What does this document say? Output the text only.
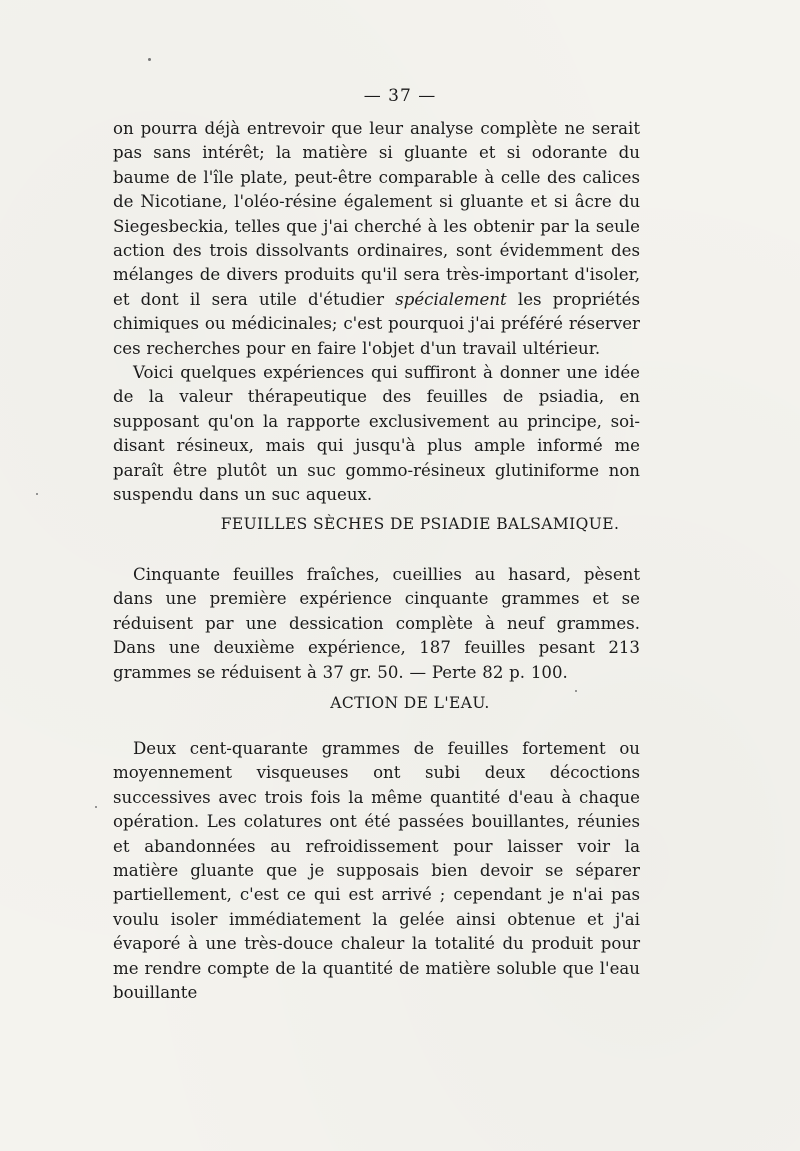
— 37 —

on pourra déjà entrevoir que leur analyse complète ne serait pas sans intérêt; la matière si gluante et si odorante du baume de l'île plate, peut-être comparable à celle des calices de Nicotiane, l'oléo-résine également si gluante et si âcre du Siegesbeckia, telles que j'ai cherché à les obtenir par la seule action des trois dissolvants ordinaires, sont évidemment des mélanges de divers produits qu'il sera très-important d'isoler, et dont il sera utile d'étudier spécialement les propriétés chimiques ou médicinales; c'est pourquoi j'ai préféré réserver ces recherches pour en faire l'objet d'un travail ultérieur.

Voici quelques expériences qui suffiront à donner une idée de la valeur thérapeutique des feuilles de psiadia, en supposant qu'on la rapporte exclusivement au principe, soi-disant résineux, mais qui jusqu'à plus ample informé me paraît être plutôt un suc gommo-résineux glutiniforme non suspendu dans un suc aqueux.

FEUILLES SÈCHES DE PSIADIE BALSAMIQUE.

Cinquante feuilles fraîches, cueillies au hasard, pèsent dans une première expérience cinquante grammes et se réduisent par une dessication complète à neuf grammes. Dans une deuxième expérience, 187 feuilles pesant 213 grammes se réduisent à 37 gr. 50. — Perte 82 p. 100.

ACTION DE L'EAU.

Deux cent-quarante grammes de feuilles fortement ou moyennement visqueuses ont subi deux décoctions successives avec trois fois la même quantité d'eau à chaque opération. Les colatures ont été passées bouillantes, réunies et abandonnées au refroidissement pour laisser voir la matière gluante que je supposais bien devoir se séparer partiellement, c'est ce qui est arrivé ; cependant je n'ai pas voulu isoler immédiatement la gelée ainsi obtenue et j'ai évaporé à une très-douce chaleur la totalité du produit pour me rendre compte de la quantité de matière soluble que l'eau bouillante
